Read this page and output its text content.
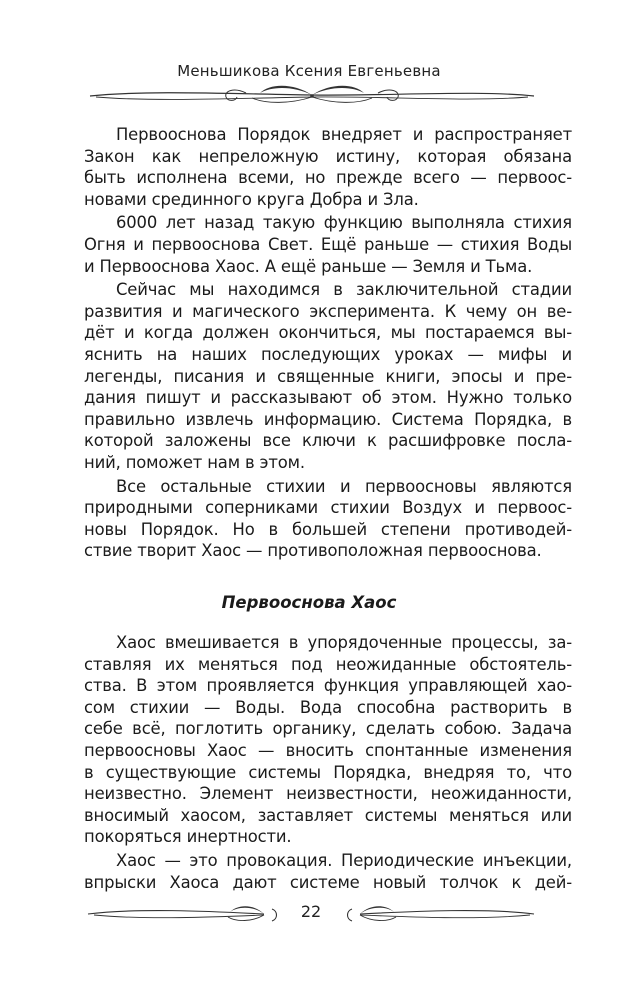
Меньшикова Ксения Евгеньевна
Первооснова Порядок внедряет и распространяет
Закон как непреложную истину, которая обязана
быть исполнена всеми, но прежде всего — первоос-
новами срединного круга Добра и Зла.
6000 лет назад такую функцию выполняла стихия
Огня и первооснова Свет. Ещё раньше — стихия Воды
и Первооснова Хаос. А ещё раньше — Земля и Тьма.
Сейчас мы находимся в заключительной стадии
развития и магического эксперимента. К чему он ве-
дёт и когда должен окончиться, мы постараемся вы-
яснить на наших последующих уроках — мифы и
легенды, писания и священные книги, эпосы и пре-
дания пишут и рассказывают об этом. Нужно только
правильно извлечь информацию. Система Порядка, в
которой заложены все ключи к расшифровке посла-
ний, поможет нам в этом.
Все остальные стихии и первоосновы являются
природными соперниками стихии Воздух и первоос-
новы Порядок. Но в большей степени противодей-
ствие творит Хаос — противоположная первооснова.
Первооснова Хаос
Хаос вмешивается в упорядоченные процессы, за-
ставляя их меняться под неожиданные обстоятель-
ства. В этом проявляется функция управляющей хао-
сом стихии — Воды. Вода способна растворить в
себе всё, поглотить органику, сделать собою. Задача
первоосновы Хаос — вносить спонтанные изменения
в существующие системы Порядка, внедряя то, что
неизвестно. Элемент неизвестности, неожиданности,
вносимый хаосом, заставляет системы меняться или
покоряться инертности.
Хаос — это провокация. Периодические инъекции,
впрыски Хаоса дают системе новый толчок к дей-
22
